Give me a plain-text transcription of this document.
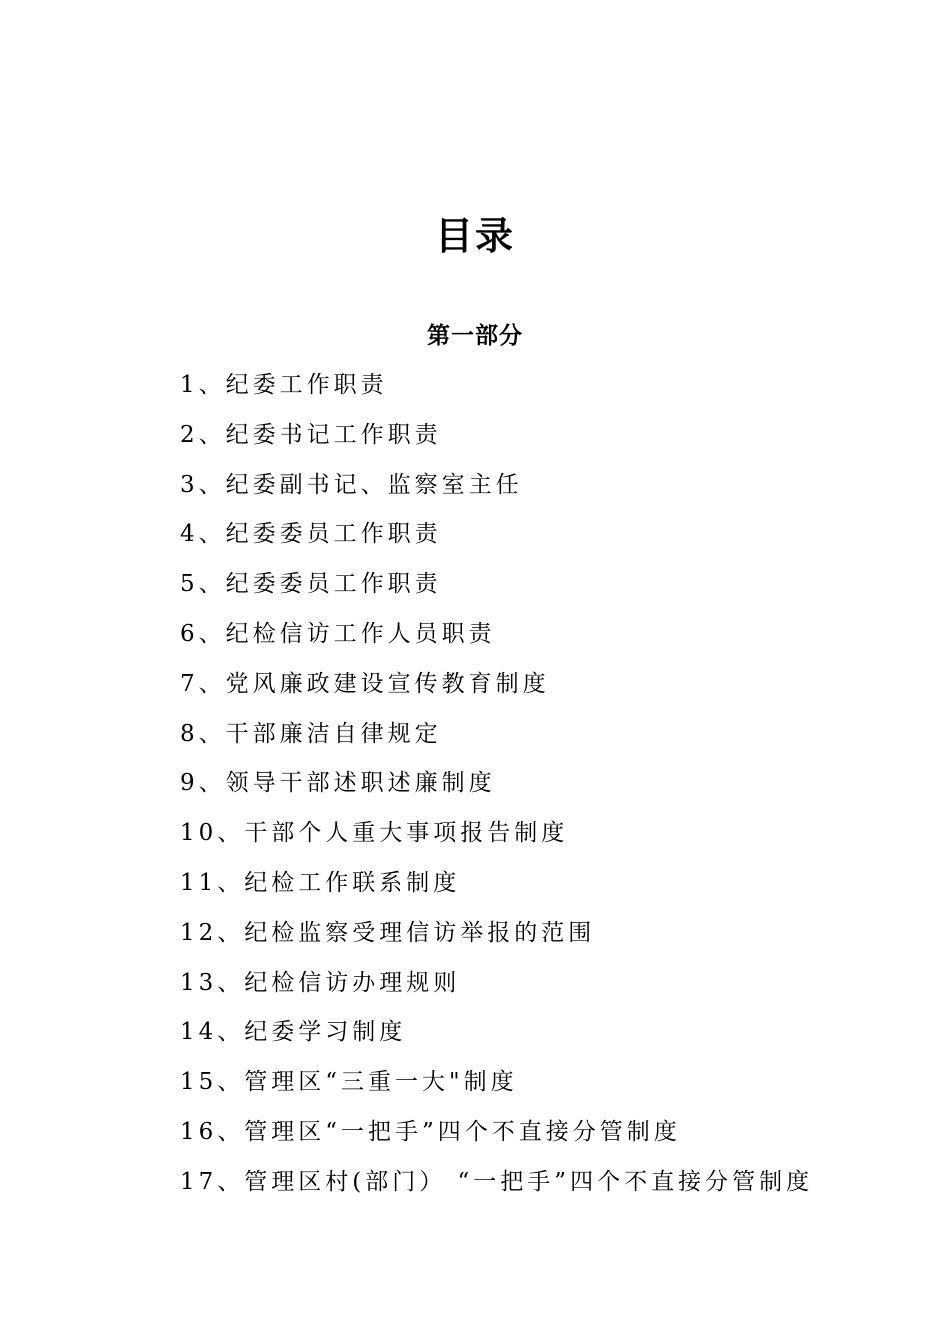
目录
第一部分
1、纪委工作职责
2、纪委书记工作职责
3、纪委副书记、监察室主任
4、纪委委员工作职责
5、纪委委员工作职责
6、纪检信访工作人员职责
7、党风廉政建设宣传教育制度
8、干部廉洁自律规定
9、领导干部述职述廉制度
10、干部个人重大事项报告制度
11、纪检工作联系制度
12、纪检监察受理信访举报的范围
13、纪检信访办理规则
14、纪委学习制度
15、管理区“三重一大"制度
16、管理区“一把手”四个不直接分管制度
17、管理区村(部门） “一把手”四个不直接分管制度
